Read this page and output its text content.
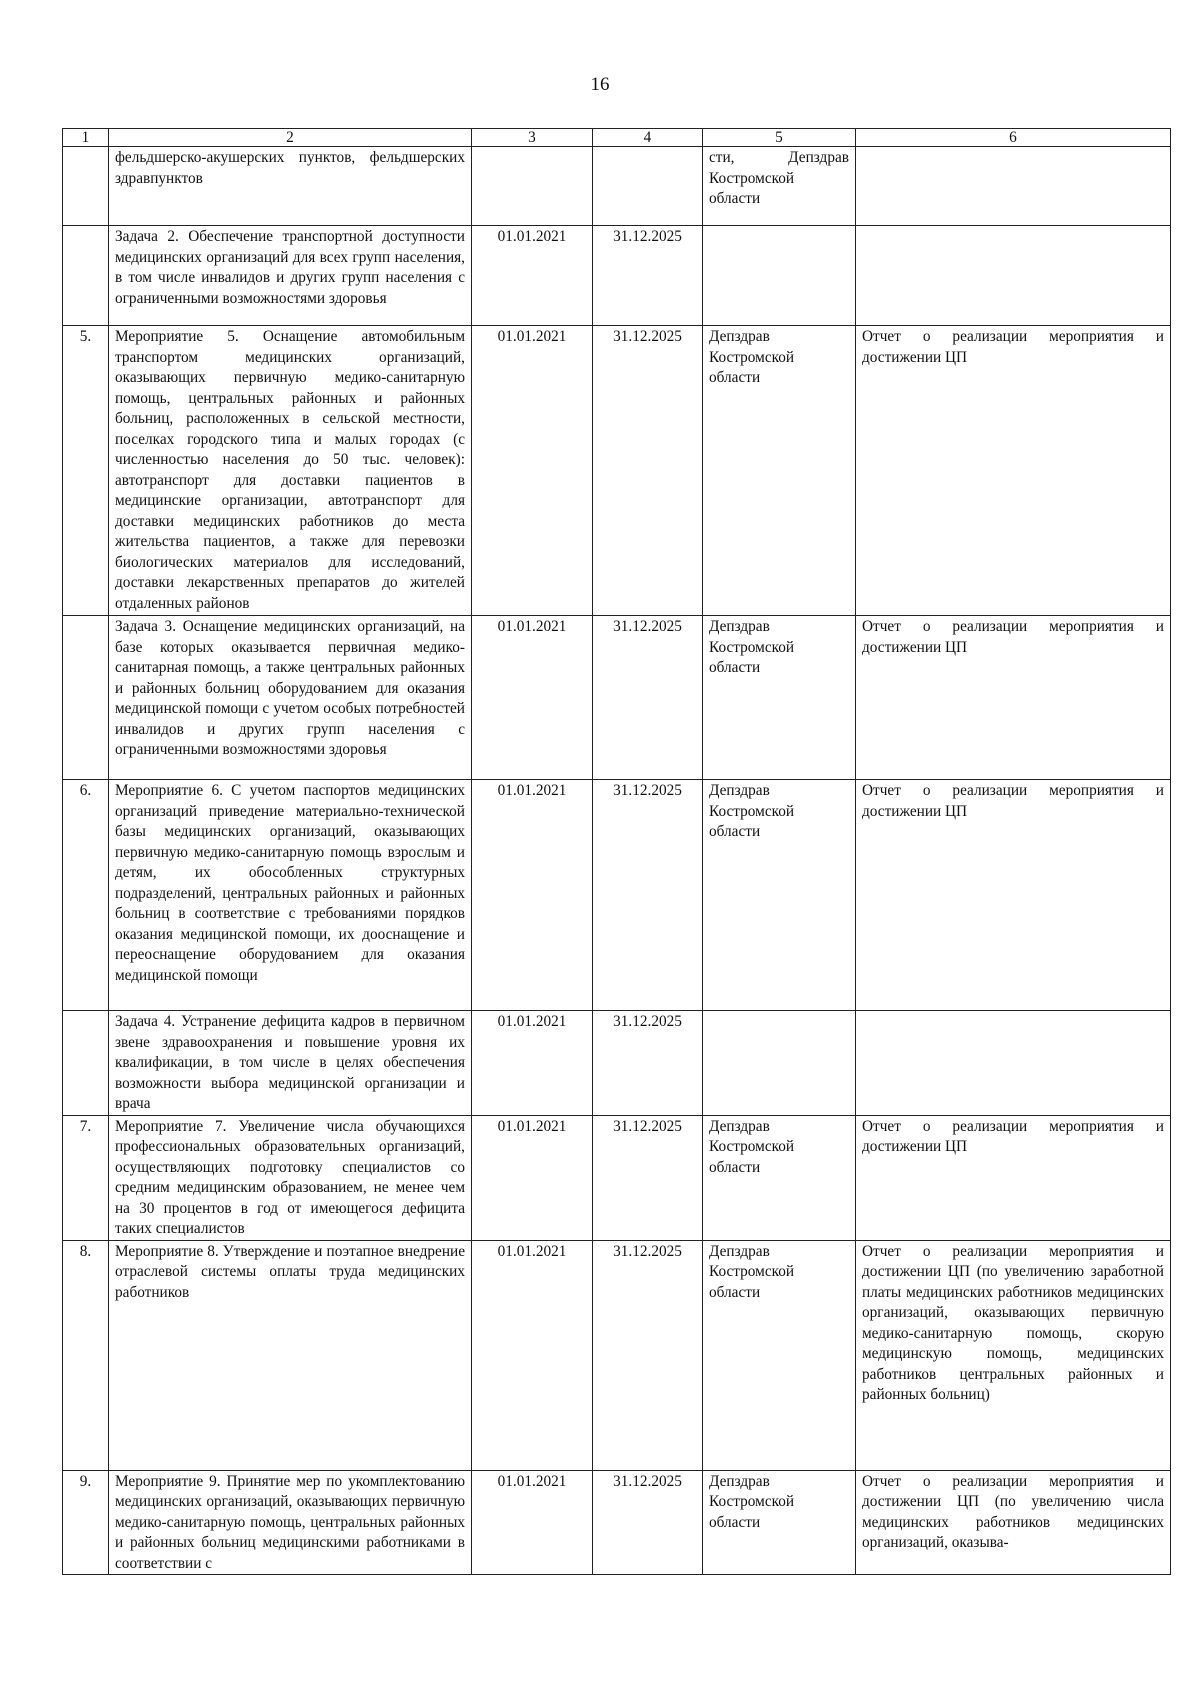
16
1	2	3	4	5	6
	фельдшерско-акушерских пунктов, фельдшерских здравпунктов			сти, Депздрав Костромской области	
	Задача 2. Обеспечение транспортной доступности медицинских организаций для всех групп населения, в том числе инвалидов и других групп населения с ограниченными возможностями здоровья	01.01.2021	31.12.2025		
5.	Мероприятие 5. Оснащение автомобильным транспортом медицинских организаций, оказывающих первичную медико-санитарную помощь, центральных районных и районных больниц, расположенных в сельской местности, поселках городского типа и малых городах (с численностью населения до 50 тыс. человек): автотранспорт для доставки пациентов в медицинские организации, автотранспорт для доставки медицинских работников до места жительства пациентов, а также для перевозки биологических материалов для исследований, доставки лекарственных препаратов до жителей отдаленных районов	01.01.2021	31.12.2025	Депздрав Костромской области	Отчет о реализации мероприятия и достижении ЦП
	Задача 3. Оснащение медицинских организаций, на базе которых оказывается первичная медико-санитарная помощь, а также центральных районных и районных больниц оборудованием для оказания медицинской помощи с учетом особых потребностей инвалидов и других групп населения с ограниченными возможностями здоровья	01.01.2021	31.12.2025	Депздрав Костромской области	Отчет о реализации мероприятия и достижении ЦП
6.	Мероприятие 6. С учетом паспортов медицинских организаций приведение материально-технической базы медицинских организаций, оказывающих первичную медико-санитарную помощь взрослым и детям, их обособленных структурных подразделений, центральных районных и районных больниц в соответствие с требованиями порядков оказания медицинской помощи, их дооснащение и переоснащение оборудованием для оказания медицинской помощи	01.01.2021	31.12.2025	Депздрав Костромской области	Отчет о реализации мероприятия и достижении ЦП
	Задача 4. Устранение дефицита кадров в первичном звене здравоохранения и повышение уровня их квалификации, в том числе в целях обеспечения возможности выбора медицинской организации и врача	01.01.2021	31.12.2025		
7.	Мероприятие 7. Увеличение числа обучающихся профессиональных образовательных организаций, осуществляющих подготовку специалистов со средним медицинским образованием, не менее чем на 30 процентов в год от имеющегося дефицита таких специалистов	01.01.2021	31.12.2025	Депздрав Костромской области	Отчет о реализации мероприятия и достижении ЦП
8.	Мероприятие 8. Утверждение и поэтапное внедрение отраслевой системы оплаты труда медицинских работников	01.01.2021	31.12.2025	Депздрав Костромской области	Отчет о реализации мероприятия и достижении ЦП (по увеличению заработной платы медицинских работников медицинских организаций, оказывающих первичную медико-санитарную помощь, скорую медицинскую помощь, медицинских работников центральных районных и районных больниц)
9.	Мероприятие 9. Принятие мер по укомплектованию медицинских организаций, оказывающих первичную медико-санитарную помощь, центральных районных и районных больниц медицинскими работниками в соответствии с	01.01.2021	31.12.2025	Депздрав Костромской области	Отчет о реализации мероприятия и достижении ЦП (по увеличению числа медицинских работников медицинских организаций, оказыва-
